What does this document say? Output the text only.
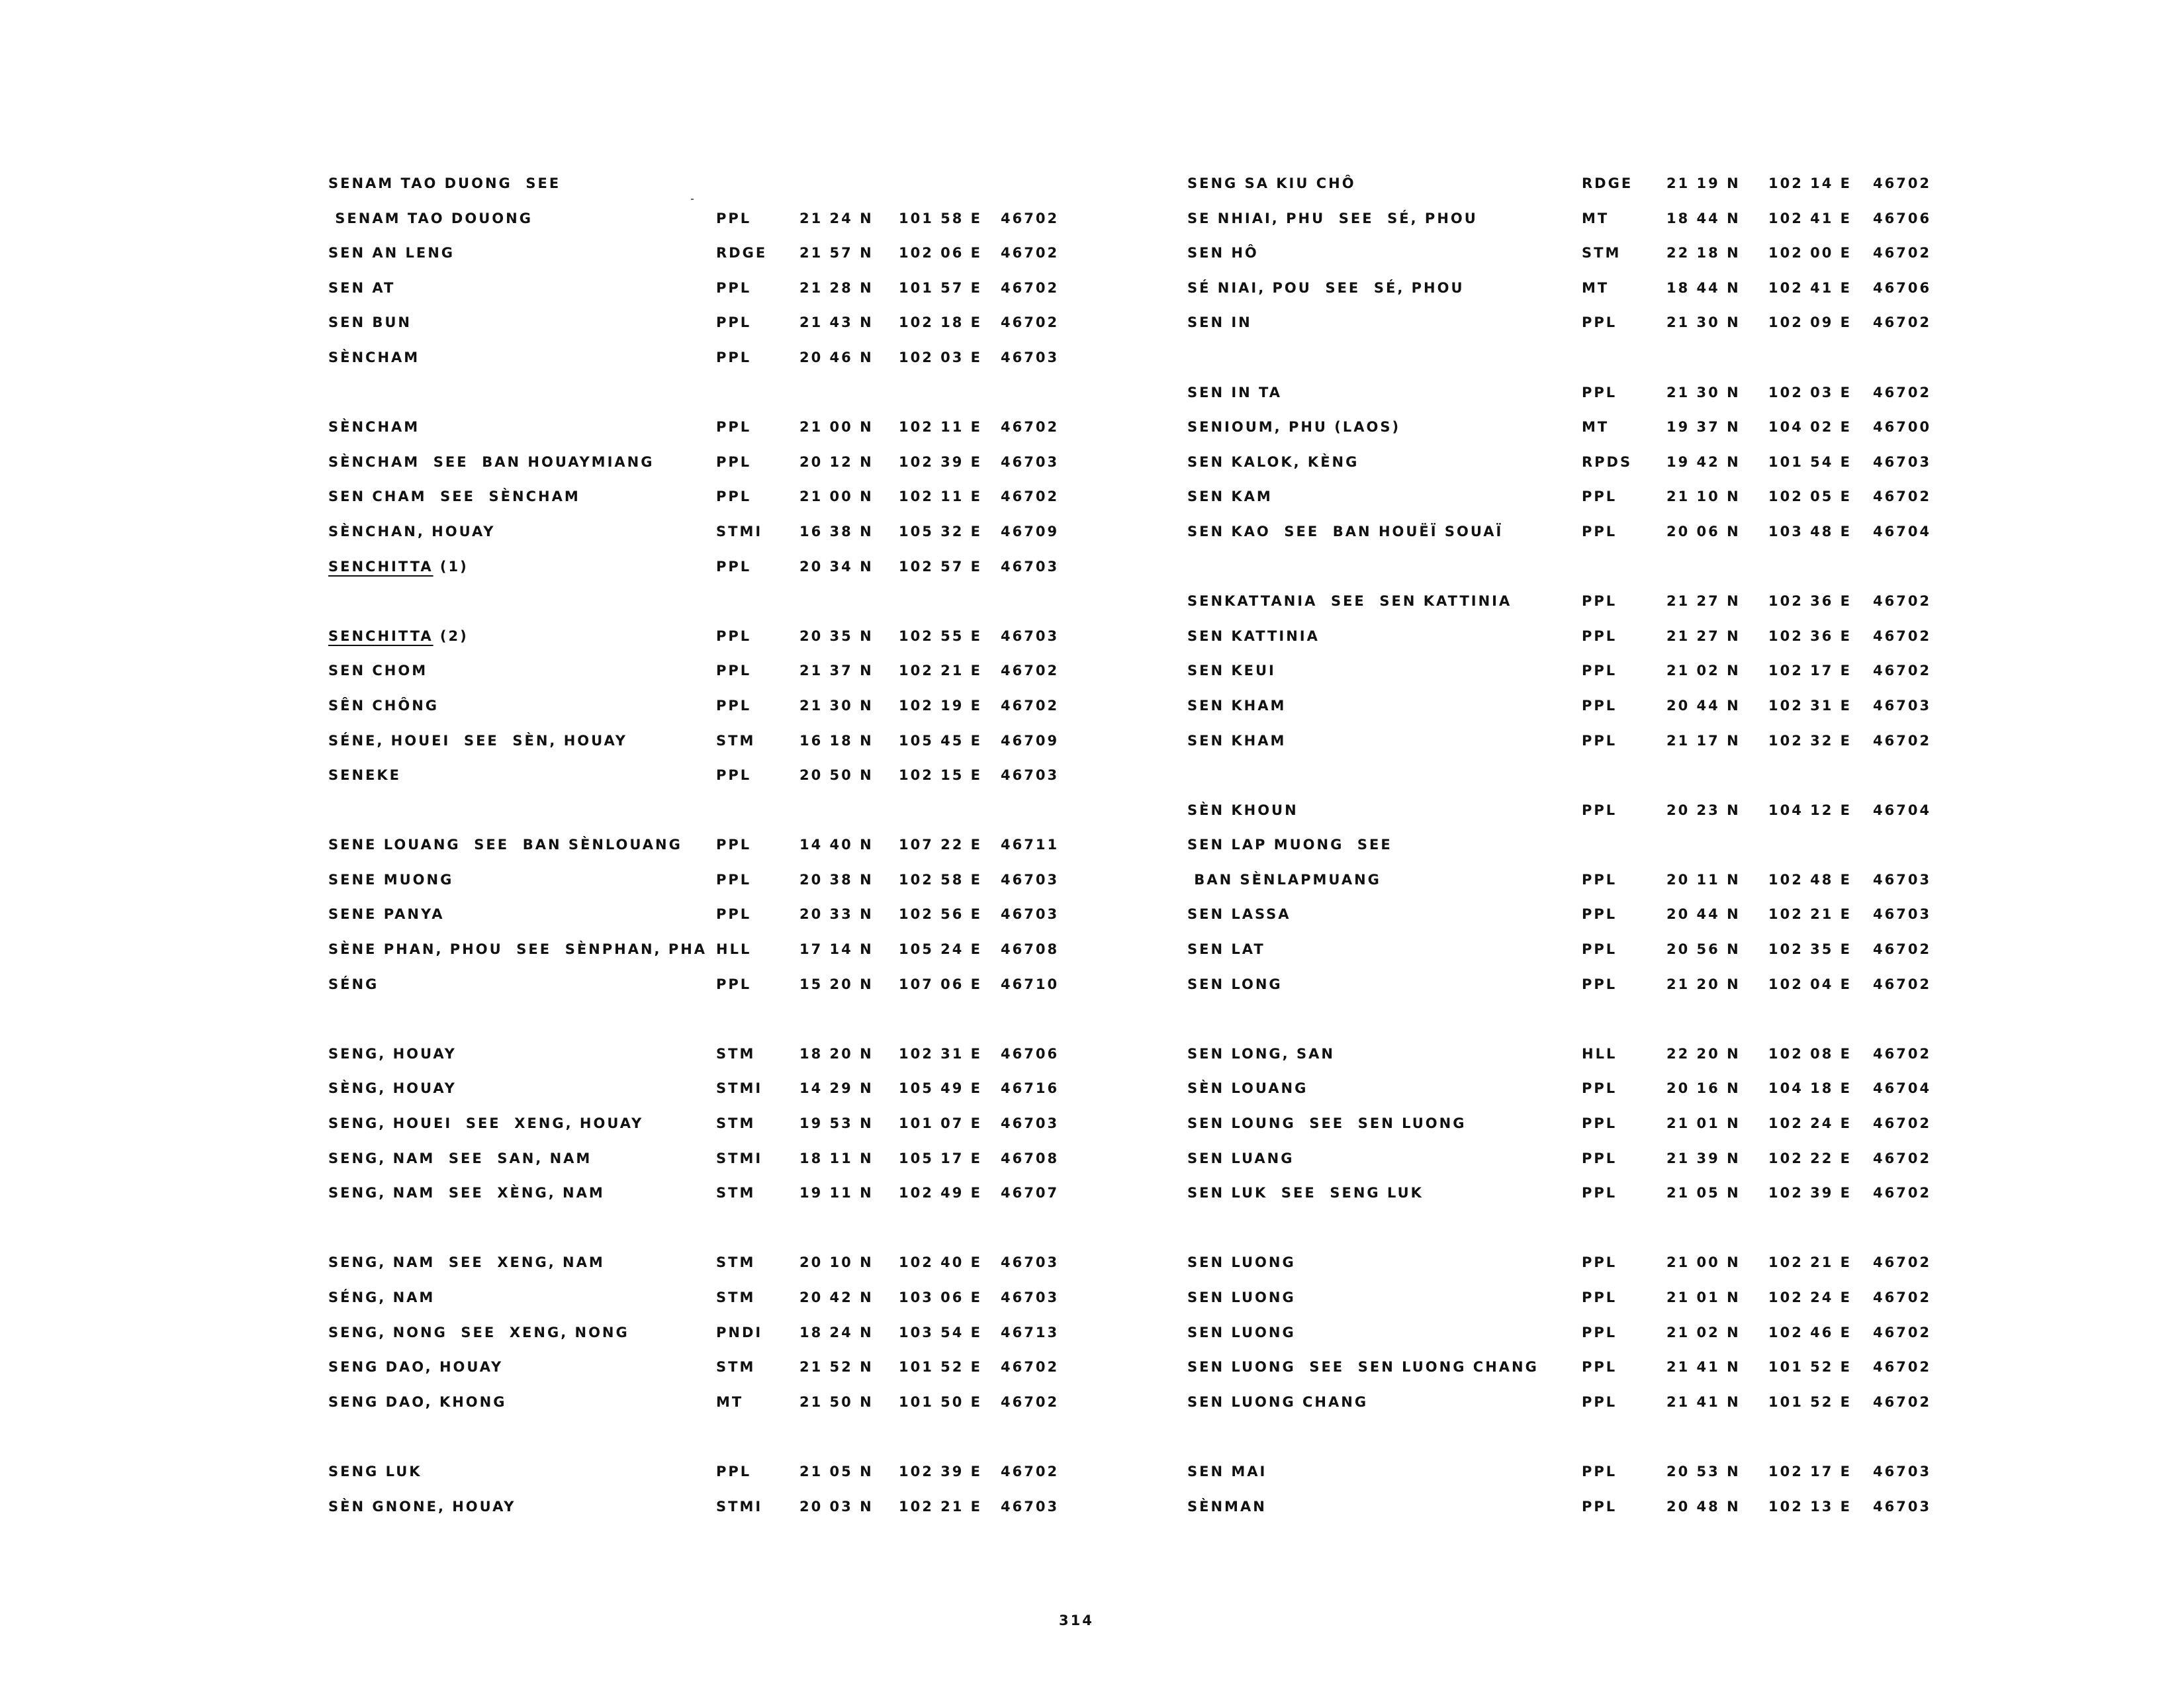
SENAM TAO DUONG  SEE
SENAM TAO DOUONG	PPL	21 24 N 101 58 E 46702
SEN AN LENG	RDGE 21 57 N 102 06 E 46702
SEN AT	PPL	21 28 N 101 57 E 46702
SEN BUN	PPL	21 43 N 102 18 E 46702
SÈNCHAM	PPL	20 46 N 102 03 E 46703
SÈNCHAM	PPL	21 00 N 102 11 E 46702
SÈNCHAM  SEE  BAN HOUAYMIANG	PPL	20 12 N 102 39 E 46703
SEN CHAM  SEE  SÈNCHAM	PPL	21 00 N 102 11 E 46702
SÈNCHAN, HOUAY	STMI	16 38 N 105 32 E 46709
SENCHITTA (1)	PPL	20 34 N 102 57 E 46703
SENCHITTA (2)	PPL	20 35 N 102 55 E 46703
SEN CHOM	PPL	21 37 N 102 21 E 46702
SÊN CHÔNG	PPL	21 30 N 102 19 E 46702
SÉNE, HOUEI  SEE  SÈN, HOUAY	STM	16 18 N 105 45 E 46709
SENEKE	PPL	20 50 N 102 15 E 46703
SENE LOUANG  SEE  BAN SÈNLOUANG PPL	14 40 N 107 22 E 46711
SENE MUONG	PPL	20 38 N 102 58 E 46703
SENE PANYA	PPL	20 33 N 102 56 E 46703
SÈNE PHAN, PHOU  SEE  SÈNPHAN, PHA HLL	17 14 N 105 24 E 46708
SÉNG	PPL	15 20 N 107 06 E 46710
SENG, HOUAY	STM	18 20 N 102 31 E 46706
SÈNG, HOUAY	STMI	14 29 N 105 49 E 46716
SENG, HOUEI  SEE  XENG, HOUAY	STM	19 53 N 101 07 E 46703
SENG, NAM  SEE  SAN, NAM	STMI	18 11 N 105 17 E 46708
SENG, NAM  SEE  XÈNG, NAM	STM	19 11 N 102 49 E 46707
SENG, NAM  SEE  XENG, NAM	STM	20 10 N 102 40 E 46703
SÉNG, NAM	STM	20 42 N 103 06 E 46703
SENG, NONG  SEE  XENG, NONG	PNDI	18 24 N 103 54 E 46713
SENG DAO, HOUAY	STM	21 52 N 101 52 E 46702
SENG DAO, KHONG	MT	21 50 N 101 50 E 46702
SENG LUK	PPL	21 05 N 102 39 E 46702
SÈN GNONE, HOUAY	STMI	20 03 N 102 21 E 46703
SENG SA KIU CHÔ	RDGE 21 19 N 102 14 E 46702
SE NHIAI, PHU  SEE  SÉ, PHOU	MT	18 44 N 102 41 E 46706
SEN HÔ	STM	22 18 N 102 00 E 46702
SÉ NIAI, POU  SEE  SÉ, PHOU	MT	18 44 N 102 41 E 46706
SEN IN	PPL	21 30 N 102 09 E 46702
SEN IN TA	PPL	21 30 N 102 03 E 46702
SENIOUM, PHU (LAOS)	MT	19 37 N 104 02 E 46700
SEN KALOK, KÈNG	RPDS 19 42 N 101 54 E 46703
SEN KAM	PPL	21 10 N 102 05 E 46702
SEN KAO  SEE  BAN HOUËÏ SOUAÏ	PPL	20 06 N 103 48 E 46704
SENKATTANIA  SEE  SEN KATTINIA	PPL	21 27 N 102 36 E 46702
SEN KATTINIA	PPL	21 27 N 102 36 E 46702
SEN KEUI	PPL	21 02 N 102 17 E 46702
SEN KHAM	PPL	20 44 N 102 31 E 46703
SEN KHAM	PPL	21 17 N 102 32 E 46702
SÈN KHOUN	PPL	20 23 N 104 12 E 46704
SEN LAP MUONG  SEE
BAN SÈNLAPMUANG	PPL	20 11 N 102 48 E 46703
SEN LASSA	PPL	20 44 N 102 21 E 46703
SEN LAT	PPL	20 56 N 102 35 E 46702
SEN LONG	PPL	21 20 N 102 04 E 46702
SEN LONG, SAN	HLL	22 20 N 102 08 E 46702
SÈN LOUANG	PPL	20 16 N 104 18 E 46704
SEN LOUNG  SEE  SEN LUONG	PPL	21 01 N 102 24 E 46702
SEN LUANG	PPL	21 39 N 102 22 E 46702
SEN LUK  SEE  SENG LUK	PPL	21 05 N 102 39 E 46702
SEN LUONG	PPL	21 00 N 102 21 E 46702
SEN LUONG	PPL	21 01 N 102 24 E 46702
SEN LUONG	PPL	21 02 N 102 46 E 46702
SEN LUONG  SEE  SEN LUONG CHANG	PPL	21 41 N 101 52 E 46702
SEN LUONG CHANG	PPL	21 41 N 101 52 E 46702
SEN MAI	PPL	20 53 N 102 17 E 46703
SÈNMAN	PPL	20 48 N 102 13 E 46703
314
